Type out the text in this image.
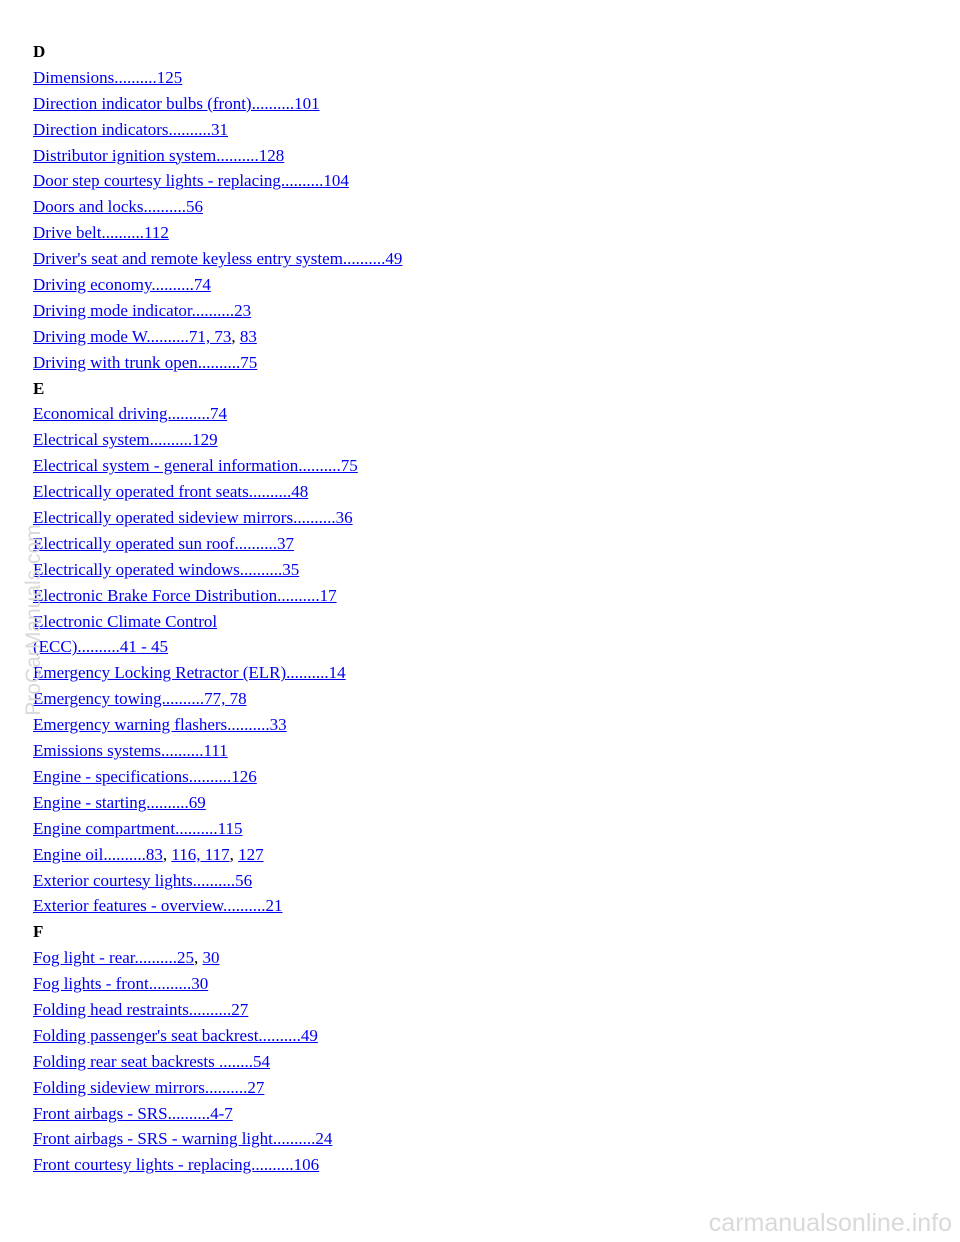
D
Dimensions..........125
Direction indicator bulbs (front)..........101
Direction indicators..........31
Distributor ignition system..........128
Door step courtesy lights - replacing..........104
Doors and locks..........56
Drive belt..........112
Driver's seat and remote keyless entry system..........49
Driving economy..........74
Driving mode indicator..........23
Driving mode W..........71, 73, 83
Driving with trunk open..........75
E
Economical driving..........74
Electrical system..........129
Electrical system - general information..........75
Electrically operated front seats..........48
Electrically operated sideview mirrors..........36
Electrically operated sun roof..........37
Electrically operated windows..........35
Electronic Brake Force Distribution..........17
Electronic Climate Control
(ECC)..........41 - 45
Emergency Locking Retractor (ELR)..........14
Emergency towing..........77, 78
Emergency warning flashers..........33
Emissions systems..........111
Engine - specifications..........126
Engine - starting..........69
Engine compartment..........115
Engine oil..........83, 116, 117, 127
Exterior courtesy lights..........56
Exterior features - overview..........21
F
Fog light - rear..........25, 30
Fog lights - front..........30
Folding head restraints..........27
Folding passenger's seat backrest..........49
Folding rear seat backrests ........54
Folding sideview mirrors..........27
Front airbags - SRS..........4-7
Front airbags - SRS - warning light..........24
Front courtesy lights - replacing..........106
ProCarManuals.com
carmanualsonline.info
